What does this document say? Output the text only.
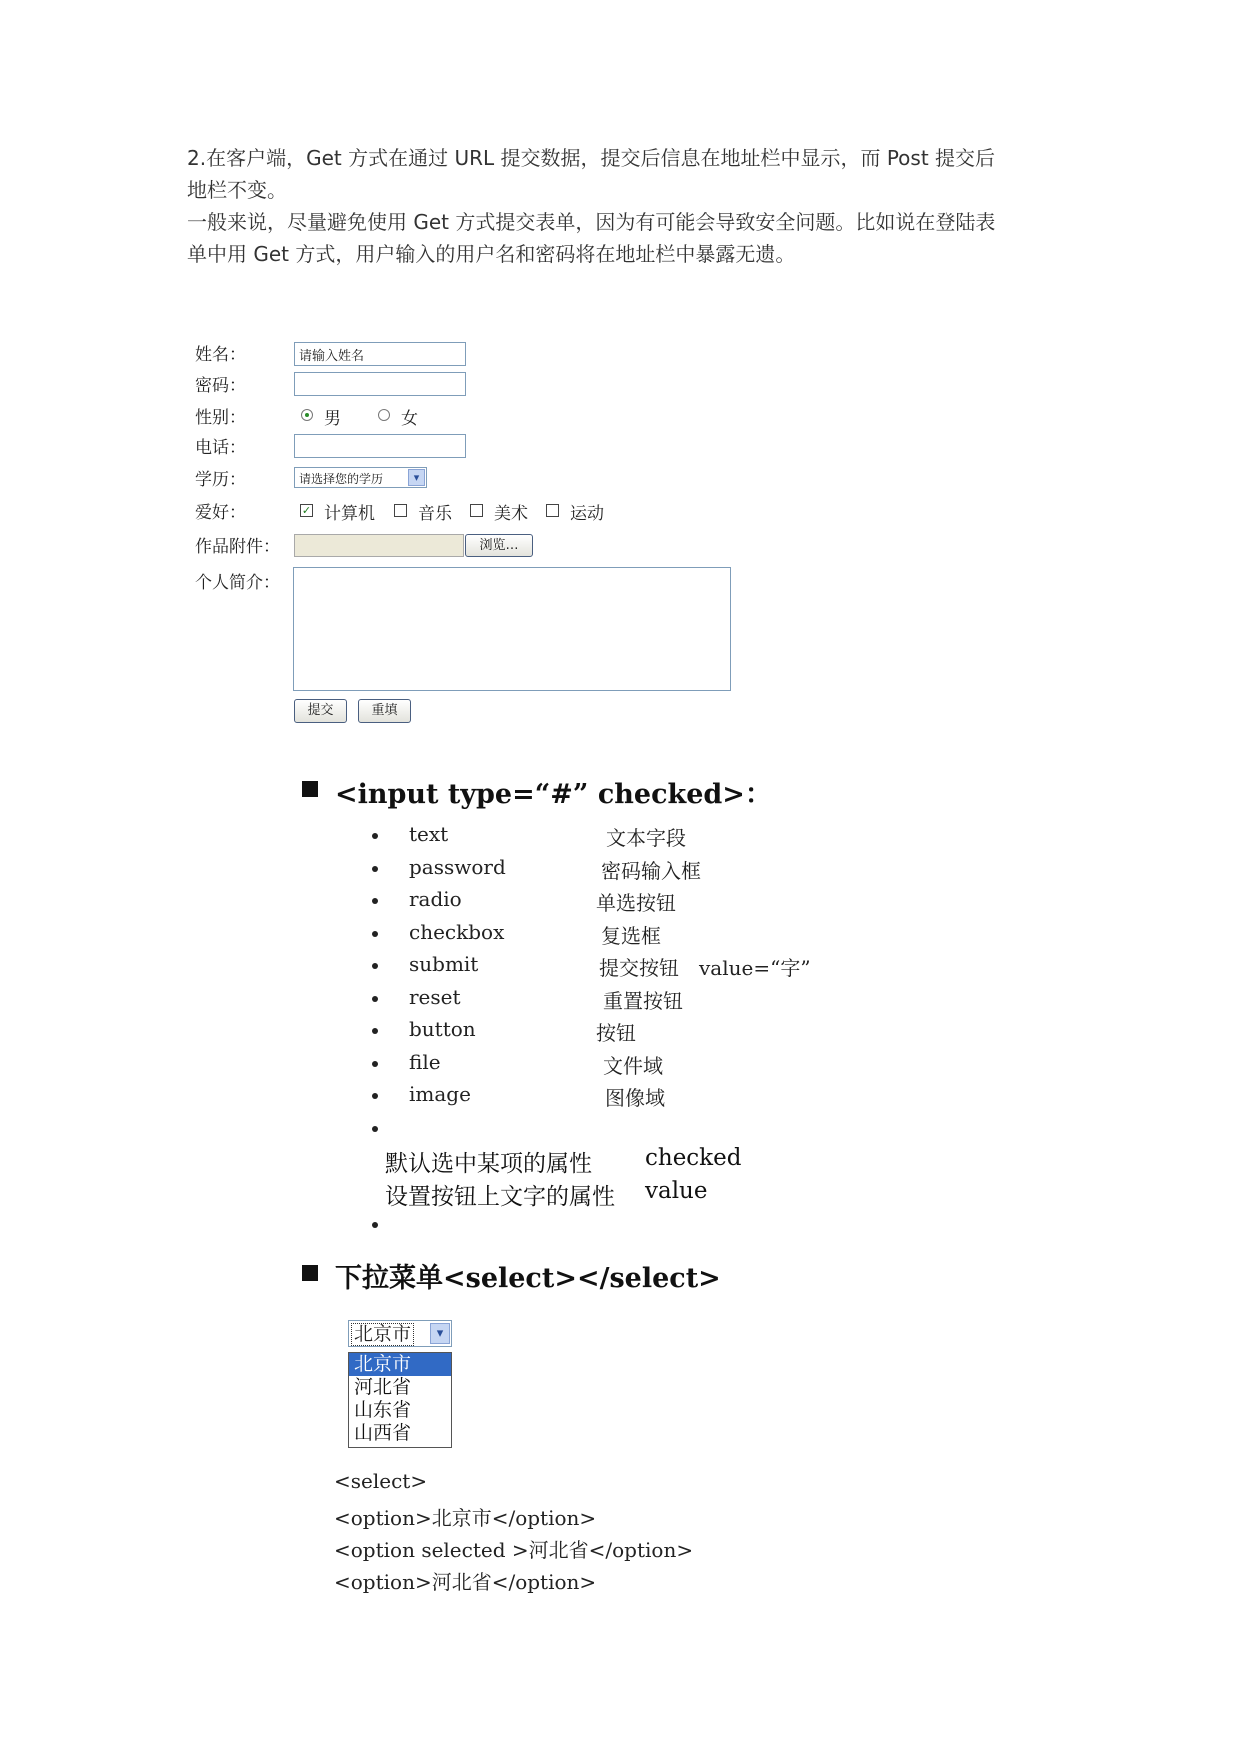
2.在客户端，Get 方式在通过 URL 提交数据，提交后信息在地址栏中显示，而 Post 提交后
地栏不变。
一般来说，尽量避免使用 Get 方式提交表单，因为有可能会导致安全问题。比如说在登陆表
单中用 Get 方式，用户输入的用户名和密码将在地址栏中暴露无遗。
姓名：	请输入姓名
密码：
性别：	男	女
电话：
学历：	请选择您的学历	▾
爱好：	✓ 计算机	音乐 美术 运动
作品附件：	浏览…
个人简介：
提交	重填
<input type=“#” checked>：
text	文本字段
password	密码输入框
radio	单选按钮
checkbox	复选框
submit	提交按钮　value=“字”
reset	重置按钮
button	按钮
file	文件域
image	图像域
默认选中某项的属性 checked
设置按钮上文字的属性 value
下拉菜单<select></select>
北京市	▾
北京市
河北省
山东省
山西省
<select>
<option>北京市</option>
<option selected >河北省</option>
<option>河北省</option>
